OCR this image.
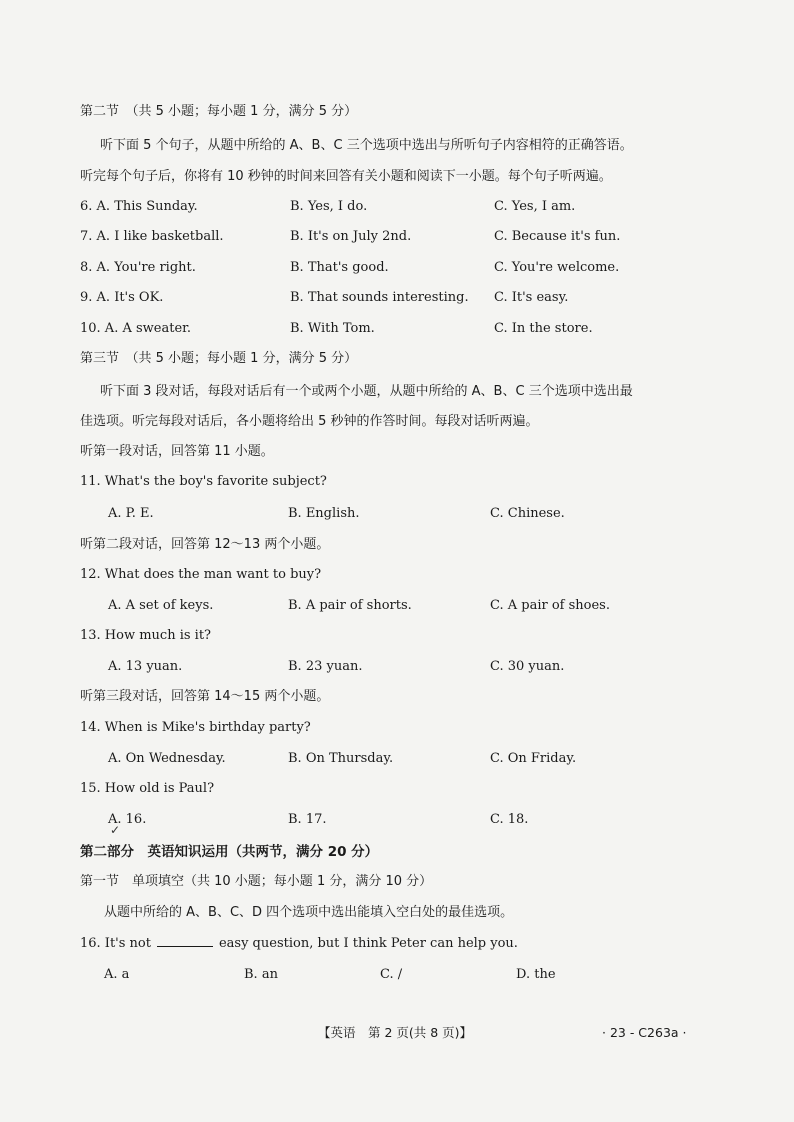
第二节　（共 5 小题；每小题 1 分，满分 5 分）
听下面 5 个句子，从题中所给的 A、B、C 三个选项中选出与所听句子内容相符的正确答语。
听完每个句子后，你将有 10 秒钟的时间来回答有关小题和阅读下一小题。每个句子听两遍。
6. A. This Sunday.	B. Yes, I do.	C. Yes, I am.
7. A. I like basketball.	B. It's on July 2nd.	C. Because it's fun.
8. A. You're right.	B. That's good.	C. You're welcome.
9. A. It's OK.	B. That sounds interesting. C. It's easy.
10. A. A sweater.	B. With Tom.	C. In the store.
第三节　（共 5 小题；每小题 1 分，满分 5 分）
听下面 3 段对话，每段对话后有一个或两个小题，从题中所给的 A、B、C 三个选项中选出最
佳选项。听完每段对话后，各小题将给出 5 秒钟的作答时间。每段对话听两遍。
听第一段对话，回答第 11 小题。
11. What's the boy's favorite subject?
A. P. E.	B. English.	C. Chinese.
听第二段对话，回答第 12～13 两个小题。
12. What does the man want to buy?
A. A set of keys.	B. A pair of shorts.	C. A pair of shoes.
13. How much is it?
A. 13 yuan.	B. 23 yuan.	C. 30 yuan.
听第三段对话，回答第 14～15 两个小题。
14. When is Mike's birthday party?
A. On Wednesday.	B. On Thursday.	C. On Friday.
15. How old is Paul?
A. 16.	B. 17.	C. 18.
✓
第二部分　英语知识运用（共两节，满分 20 分）
第一节　单项填空（共 10 小题；每小题 1 分，满分 10 分）
从题中所给的 A、B、C、D 四个选项中选出能填入空白处的最佳选项。
16. It's not	easy question, but I think Peter can help you.
A. a	B. an	C. /	D. the
【英语　第 2 页(共 8 页)】	· 23 - C263a ·
